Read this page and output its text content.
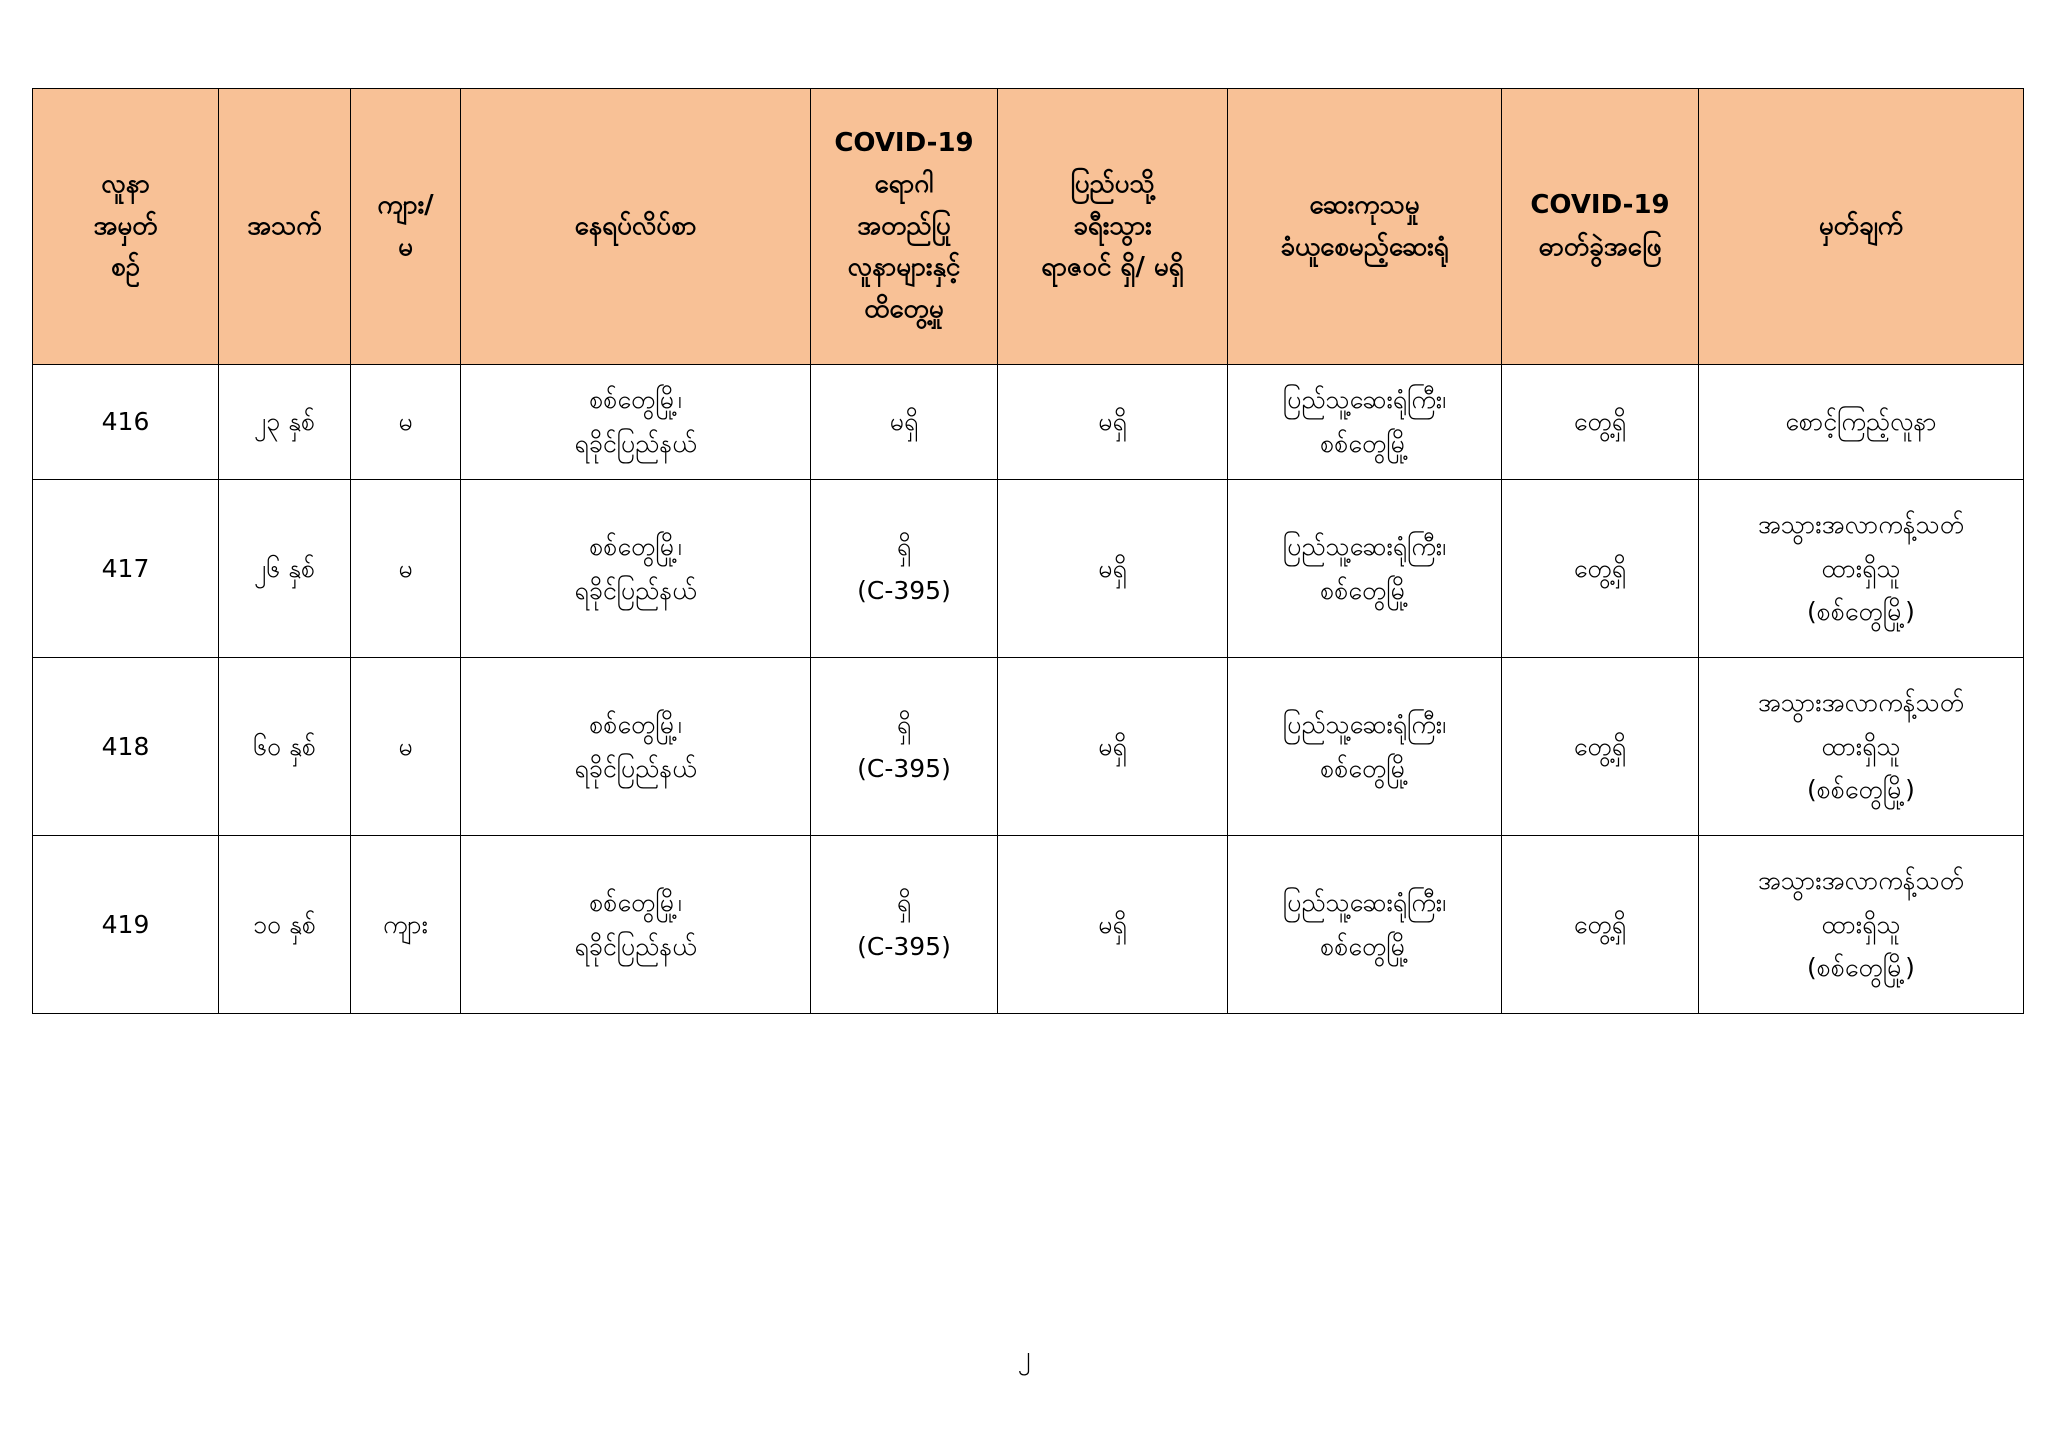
လူနာ
အမှတ်
စဉ်	အသက်	ကျား/
မ	နေရပ်လိပ်စာ	COVID-19
ရောဂါ
အတည်ပြု
လူနာများနှင့်
ထိတွေ့မှု	ပြည်ပသို့
ခရီးသွား
ရာဇဝင် ရှိ/ မရှိ	ဆေးကုသမှု
ခံယူစေမည့်ဆေးရုံ	COVID-19
ဓာတ်ခွဲအဖြေ	မှတ်ချက်

416	၂၃ နှစ်	မ	စစ်တွေမြို့၊
ရခိုင်ပြည်နယ်	မရှိ	မရှိ	ပြည်သူ့ဆေးရုံကြီး၊
စစ်တွေမြို့	တွေ့ရှိ	စောင့်ကြည့်လူနာ

417	၂၆ နှစ်	မ	စစ်တွေမြို့၊
ရခိုင်ပြည်နယ်	ရှိ
(C-395)	မရှိ	ပြည်သူ့ဆေးရုံကြီး၊
စစ်တွေမြို့	တွေ့ရှိ	အသွားအလာကန့်သတ်
ထားရှိသူ
(စစ်တွေမြို့)

418	၆၀ နှစ်	မ	စစ်တွေမြို့၊
ရခိုင်ပြည်နယ်	ရှိ
(C-395)	မရှိ	ပြည်သူ့ဆေးရုံကြီး၊
စစ်တွေမြို့	တွေ့ရှိ	အသွားအလာကန့်သတ်
ထားရှိသူ
(စစ်တွေမြို့)

419	၁၀ နှစ်	ကျား	စစ်တွေမြို့၊
ရခိုင်ပြည်နယ်	ရှိ
(C-395)	မရှိ	ပြည်သူ့ဆေးရုံကြီး၊
စစ်တွေမြို့	တွေ့ရှိ	အသွားအလာကန့်သတ်
ထားရှိသူ
(စစ်တွေမြို့)
၂
